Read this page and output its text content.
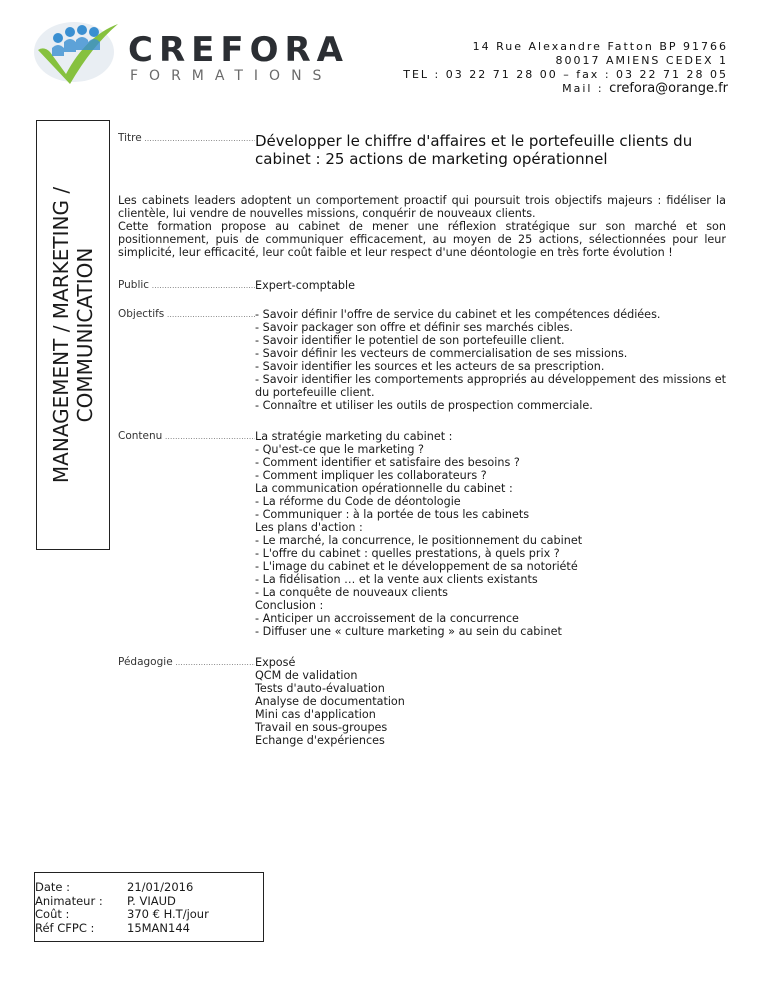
CREFORA
FORMATIONS
14 Rue Alexandre Fatton BP 91766
80017 AMIENS CEDEX 1
TEL : 03 22 71 28 00 – fax : 03 22 71 28 05
Mail : crefora@orange.fr
MANAGEMENT / MARKETING /
COMMUNICATION
Titre .....	Développer le chiffre d'affaires et le portefeuille clients du cabinet : 25 actions de marketing opérationnel
Les cabinets leaders adoptent un comportement proactif qui poursuit trois objectifs majeurs : fidéliser la clientèle, lui vendre de nouvelles missions, conquérir de nouveaux clients.
Cette formation propose au cabinet de mener une réflexion stratégique sur son marché et son positionnement, puis de communiquer efficacement, au moyen de 25 actions, sélectionnées pour leur simplicité, leur efficacité, leur coût faible et leur respect d'une déontologie en très forte évolution !
Public .....	Expert-comptable
Objectifs .....	- Savoir définir l'offre de service du cabinet et les compétences dédiées.
- Savoir packager son offre et définir ses marchés cibles.
- Savoir identifier le potentiel de son portefeuille client.
- Savoir définir les vecteurs de commercialisation de ses missions.
- Savoir identifier les sources et les acteurs de sa prescription.
- Savoir identifier les comportements appropriés au développement des missions et du portefeuille client.
- Connaître et utiliser les outils de prospection commerciale.
Contenu .....	La stratégie marketing du cabinet :
- Qu'est-ce que le marketing ?
- Comment identifier et satisfaire des besoins ?
- Comment impliquer les collaborateurs ?
La communication opérationnelle du cabinet :
- La réforme du Code de déontologie
- Communiquer : à la portée de tous les cabinets
Les plans d'action :
- Le marché, la concurrence, le positionnement du cabinet
- L'offre du cabinet : quelles prestations, à quels prix ?
- L'image du cabinet et le développement de sa notoriété
- La fidélisation … et la vente aux clients existants
- La conquête de nouveaux clients
Conclusion :
- Anticiper un accroissement de la concurrence
- Diffuser une « culture marketing » au sein du cabinet
Pédagogie .....	Exposé
QCM de validation
Tests d'auto-évaluation
Analyse de documentation
Mini cas d'application
Travail en sous-groupes
Echange d'expériences
Date :	21/01/2016
Animateur :	P. VIAUD
Coût :	370 € H.T/jour
Réf CFPC :	15MAN144
